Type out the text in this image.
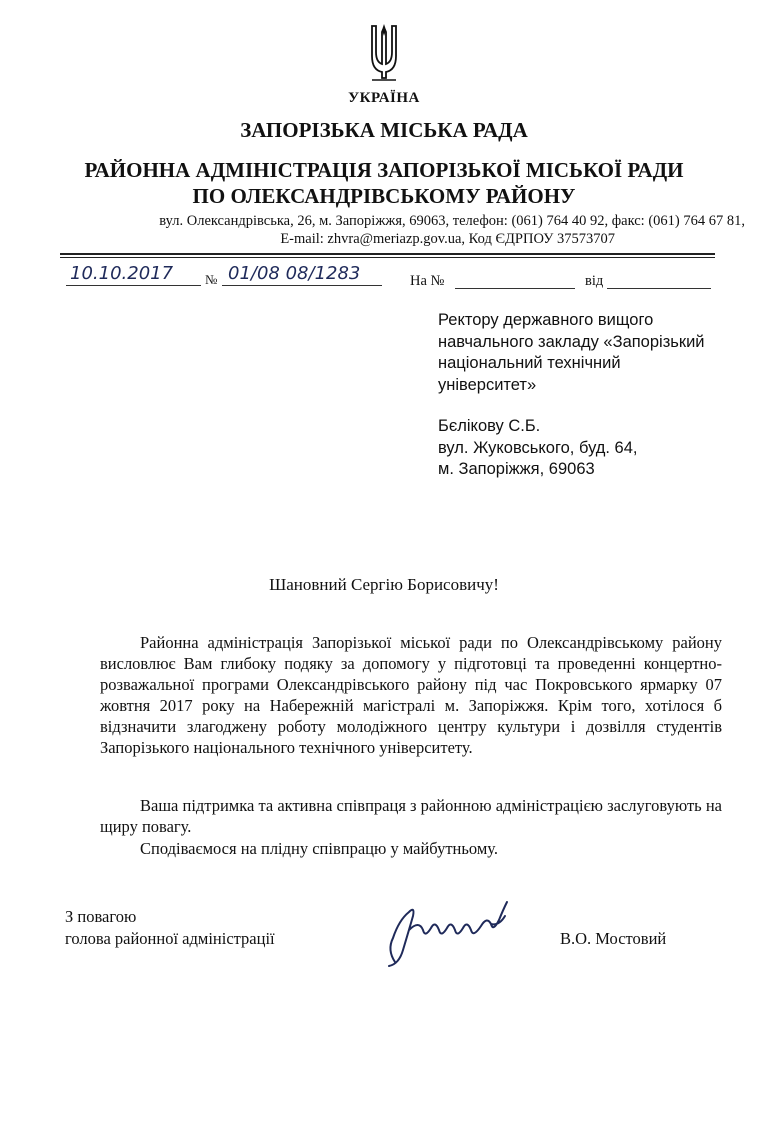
УКРАЇНА
ЗАПОРІЗЬКА МІСЬКА РАДА
РАЙОННА АДМІНІСТРАЦІЯ ЗАПОРІЗЬКОЇ МІСЬКОЇ РАДИ
ПО ОЛЕКСАНДРІВСЬКОМУ РАЙОНУ
вул. Олександрівська, 26, м. Запоріжжя, 69063, телефон: (061) 764 40 92, факс: (061) 764 67 81,
E-mail: zhvra@meriazp.gov.ua, Код ЄДРПОУ 37573707
10.10.2017 № 01/08 08/1283	На №	від
Ректору державного вищого
навчального закладу «Запорізький
національний технічний
університет»
Бєлікову С.Б.
вул. Жуковського, буд. 64,
м. Запоріжжя, 69063
Шановний Сергію Борисовичу!
Районна адміністрація Запорізької міської ради по Олександрівському району висловлює Вам глибоку подяку за допомогу у підготовці та проведенні концертно-розважальної програми Олександрівського району під час Покровського ярмарку 07 жовтня 2017 року на Набережній магістралі м. Запоріжжя. Крім того, хотілося б відзначити злагоджену роботу молодіжного центру культури і дозвілля студентів Запорізького національного технічного університету.
Ваша підтримка та активна співпраця з районною адміністрацією заслуговують на щиру повагу.
Сподіваємося на плідну співпрацю у майбутньому.
З повагою
голова районної адміністрації	В.О. Мостовий
